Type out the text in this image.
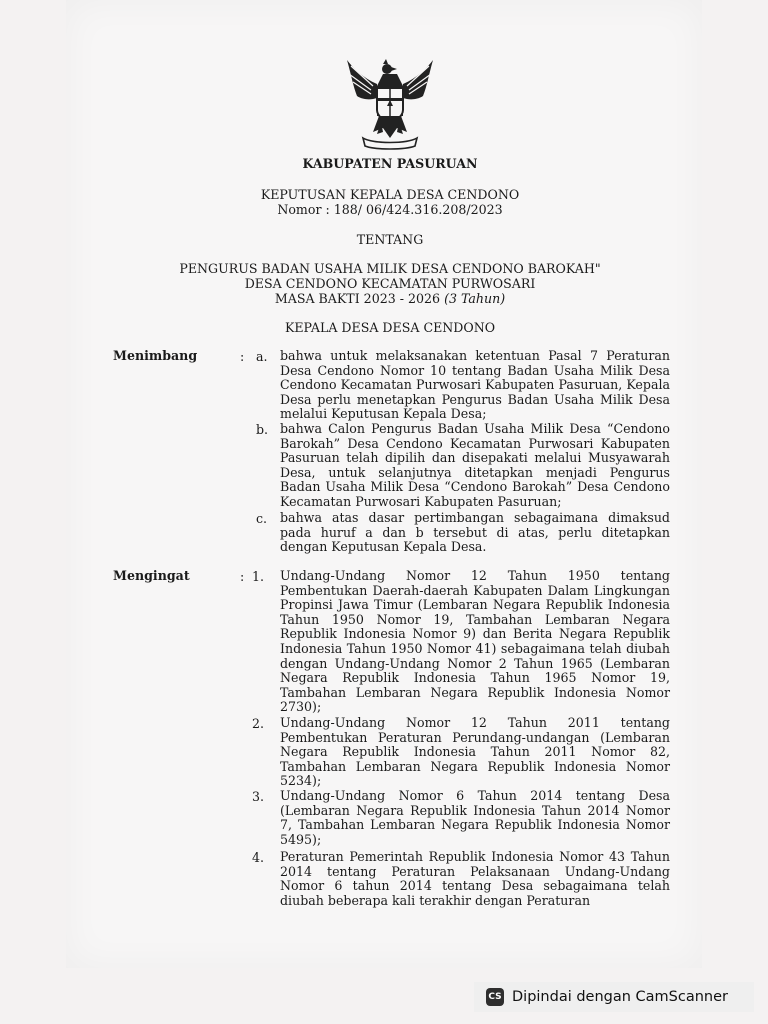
KABUPATEN PASURUAN
KEPUTUSAN KEPALA DESA CENDONO
Nomor : 188/ 06/424.316.208/2023
TENTANG
PENGURUS BADAN USAHA MILIK DESA CENDONO BAROKAH"
DESA CENDONO KECAMATAN PURWOSARI
MASA BAKTI 2023 - 2026 (3 Tahun)
KEPALA DESA DESA CENDONO
Menimbang	: a. bahwa untuk melaksanakan ketentuan Pasal 7 Peraturan Desa Cendono Nomor 10 tentang Badan Usaha Milik Desa Cendono Kecamatan Purwosari Kabupaten Pasuruan, Kepala Desa perlu menetapkan Pengurus Badan Usaha Milik Desa melalui Keputusan Kepala Desa;
b. bahwa Calon Pengurus Badan Usaha Milik Desa “Cendono Barokah” Desa Cendono Kecamatan Purwosari Kabupaten Pasuruan telah dipilih dan disepakati melalui Musyawarah Desa, untuk selanjutnya ditetapkan menjadi Pengurus Badan Usaha Milik Desa “Cendono Barokah” Desa Cendono Kecamatan Purwosari Kabupaten Pasuruan;
c. bahwa atas dasar pertimbangan sebagaimana dimaksud pada huruf a dan b tersebut di atas, perlu ditetapkan dengan Keputusan Kepala Desa.
Mengingat	: 1. Undang-Undang Nomor 12 Tahun 1950 tentang Pembentukan Daerah-daerah Kabupaten Dalam Lingkungan Propinsi Jawa Timur (Lembaran Negara Republik Indonesia Tahun 1950 Nomor 19, Tambahan Lembaran Negara Republik Indonesia Nomor 9) dan Berita Negara Republik Indonesia Tahun 1950 Nomor 41) sebagaimana telah diubah dengan Undang-Undang Nomor 2 Tahun 1965 (Lembaran Negara Republik Indonesia Tahun 1965 Nomor 19, Tambahan Lembaran Negara Republik Indonesia Nomor 2730);
2. Undang-Undang Nomor 12 Tahun 2011 tentang Pembentukan Peraturan Perundang-undangan (Lembaran Negara Republik Indonesia Tahun 2011 Nomor 82, Tambahan Lembaran Negara Republik Indonesia Nomor 5234);
3. Undang-Undang Nomor 6 Tahun 2014 tentang Desa (Lembaran Negara Republik Indonesia Tahun 2014 Nomor 7, Tambahan Lembaran Negara Republik Indonesia Nomor 5495);
4. Peraturan Pemerintah Republik Indonesia Nomor 43 Tahun 2014 tentang Peraturan Pelaksanaan Undang-Undang Nomor 6 tahun 2014 tentang Desa sebagaimana telah diubah beberapa kali terakhir dengan Peraturan
CS Dipindai dengan CamScanner
